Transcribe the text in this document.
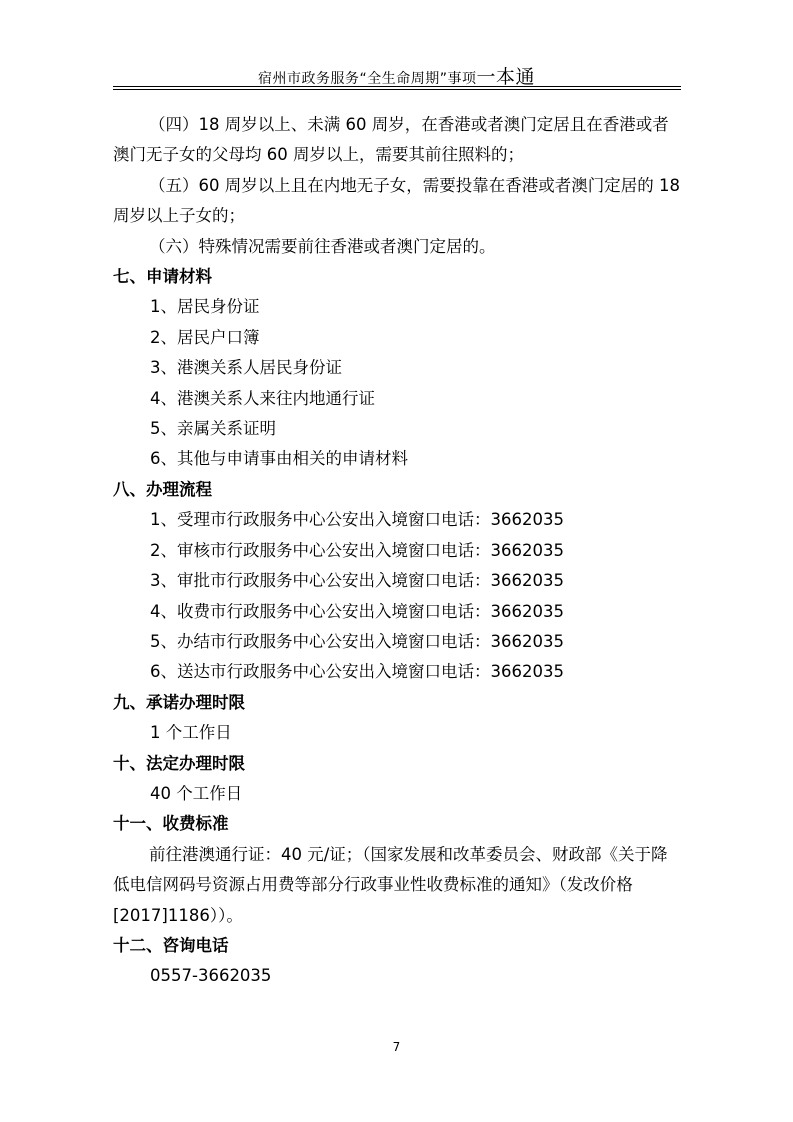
宿州市政务服务“全生命周期”事项一本通
（四）18 周岁以上、未满 60 周岁，在香港或者澳门定居且在香港或者澳门无子女的父母均 60 周岁以上，需要其前往照料的；
（五）60 周岁以上且在内地无子女，需要投靠在香港或者澳门定居的 18 周岁以上子女的；
（六）特殊情况需要前往香港或者澳门定居的。
七、申请材料
1、居民身份证
2、居民户口簿
3、港澳关系人居民身份证
4、港澳关系人来往内地通行证
5、亲属关系证明
6、其他与申请事由相关的申请材料
八、办理流程
1、受理市行政服务中心公安出入境窗口电话：3662035
2、审核市行政服务中心公安出入境窗口电话：3662035
3、审批市行政服务中心公安出入境窗口电话：3662035
4、收费市行政服务中心公安出入境窗口电话：3662035
5、办结市行政服务中心公安出入境窗口电话：3662035
6、送达市行政服务中心公安出入境窗口电话：3662035
九、承诺办理时限
1 个工作日
十、法定办理时限
40 个工作日
十一、收费标准
前往港澳通行证：40 元/证；（国家发展和改革委员会、财政部《关于降低电信网码号资源占用费等部分行政事业性收费标准的通知》（发改价格[2017]1186））。
十二、咨询电话
0557-3662035
7
